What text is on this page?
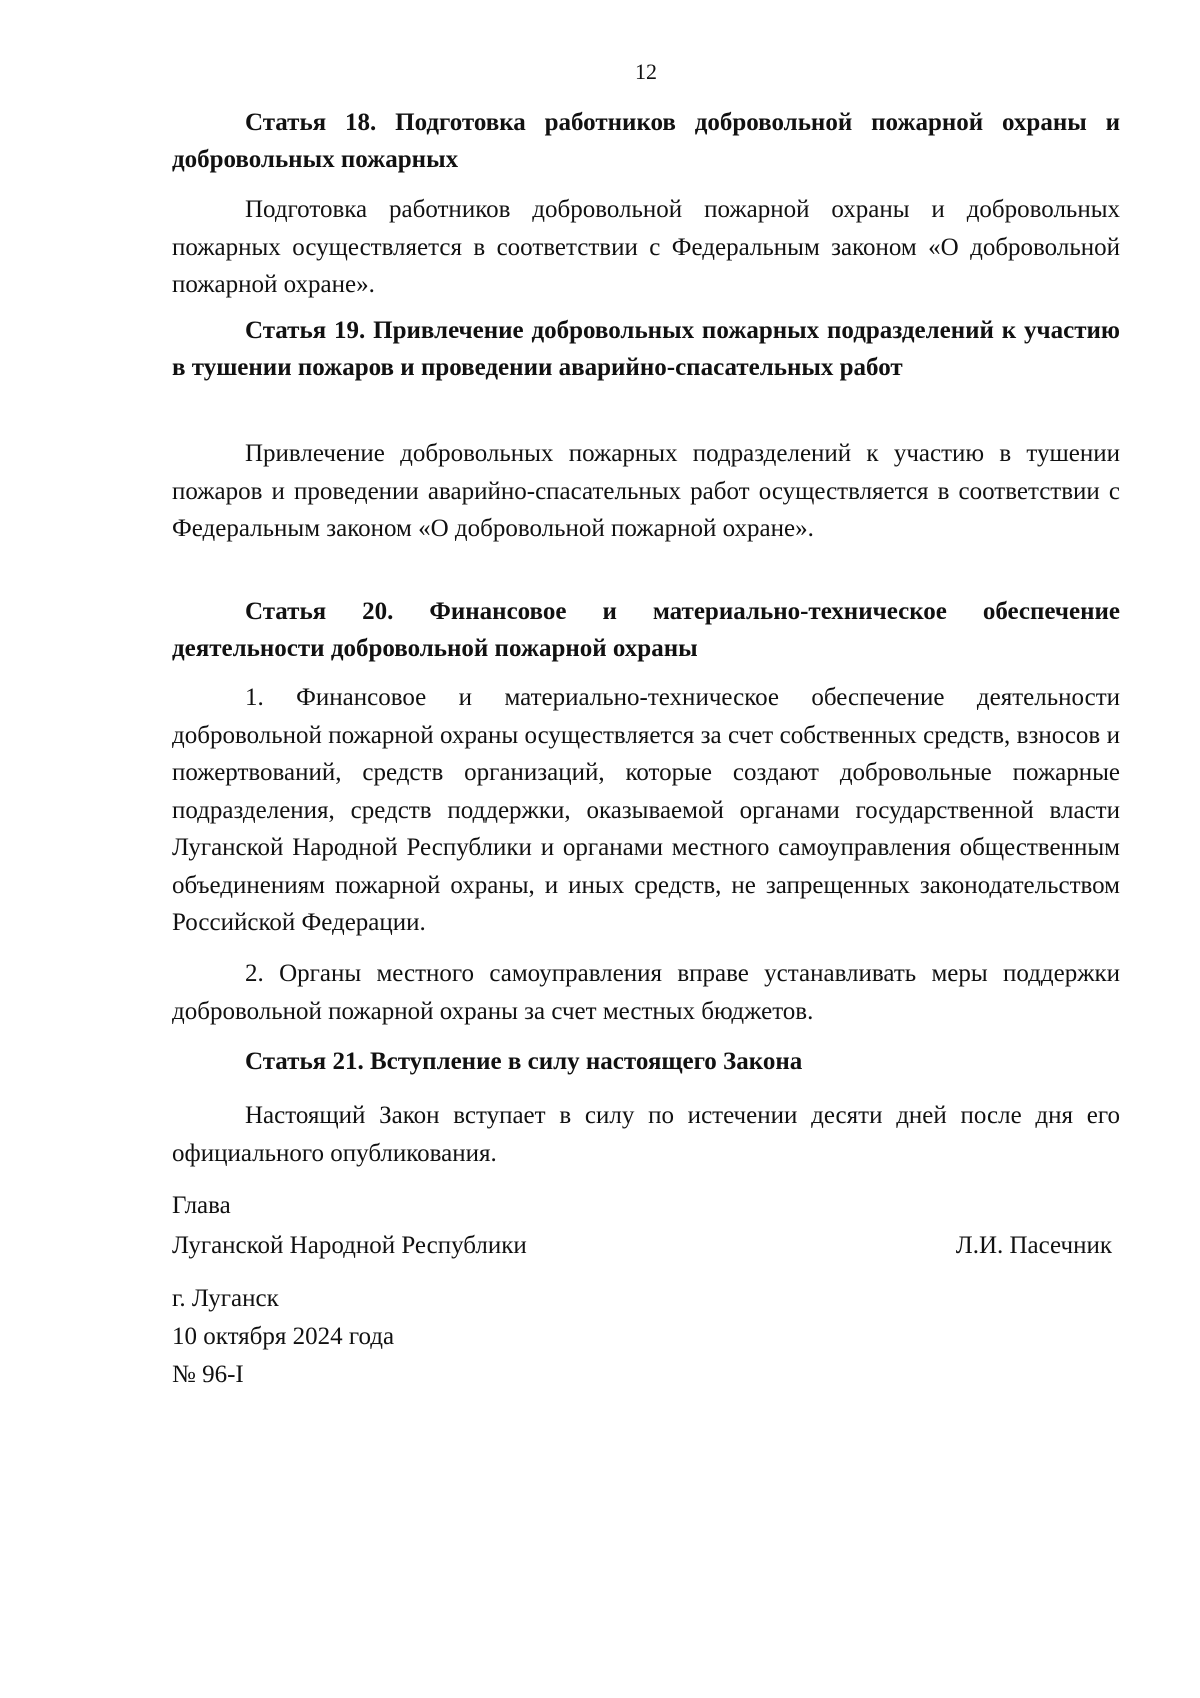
12
Статья 18. Подготовка работников добровольной пожарной охраны и добровольных пожарных

Подготовка работников добровольной пожарной охраны и добровольных пожарных осуществляется в соответствии с Федеральным законом «О добровольной пожарной охране».

Статья 19. Привлечение добровольных пожарных подразделений к участию в тушении пожаров и проведении аварийно-спасательных работ

Привлечение добровольных пожарных подразделений к участию в тушении пожаров и проведении аварийно-спасательных работ осуществляется в соответствии с Федеральным законом «О добровольной пожарной охране».

Статья 20. Финансовое и материально-техническое обеспечение деятельности добровольной пожарной охраны

1. Финансовое и материально-техническое обеспечение деятельности добровольной пожарной охраны осуществляется за счет собственных средств, взносов и пожертвований, средств организаций, которые создают добровольные пожарные подразделения, средств поддержки, оказываемой органами государственной власти Луганской Народной Республики и органами местного самоуправления общественным объединениям пожарной охраны, и иных средств, не запрещенных законодательством Российской Федерации.

2. Органы местного самоуправления вправе устанавливать меры поддержки добровольной пожарной охраны за счет местных бюджетов.

Статья 21. Вступление в силу настоящего Закона

Настоящий Закон вступает в силу по истечении десяти дней после дня его официального опубликования.

Глава
Луганской Народной Республики	Л.И. Пасечник
г. Луганск
10 октября 2024 года
№ 96-I
